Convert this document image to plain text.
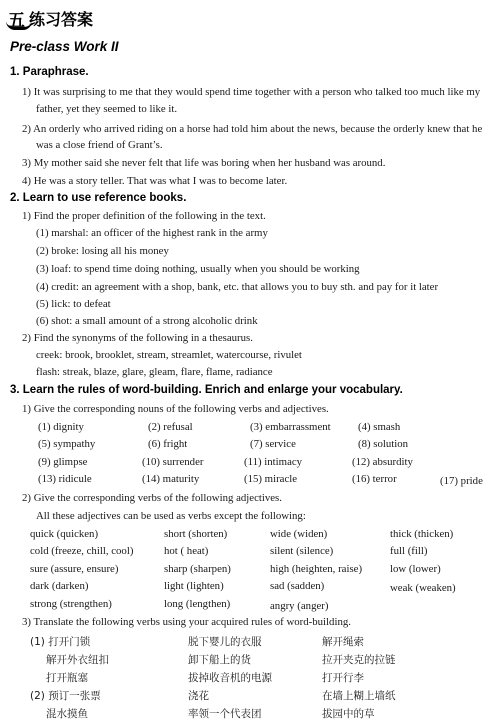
五 练习答案
Pre-class Work II
1. Paraphrase.
1) It was surprising to me that they would spend time together with a person who talked too much like my
father, yet they seemed to like it.
2) An orderly who arrived riding on a horse had told him about the news, because the orderly knew that he
was a close friend of Grant’s.
3) My mother said she never felt that life was boring when her husband was around.
4) He was a story teller. That was what I was to become later.
2. Learn to use reference books.
1) Find the proper definition of the following in the text.
(1) marshal: an officer of the highest rank in the army
(2) broke: losing all his money
(3) loaf: to spend time doing nothing, usually when you should be working
(4) credit: an agreement with a shop, bank, etc. that allows you to buy sth. and pay for it later
(5) lick: to defeat
(6) shot: a small amount of a strong alcoholic drink
2) Find the synonyms of the following in a thesaurus.
creek: brook, brooklet, stream, streamlet, watercourse, rivulet
flash: streak, blaze, glare, gleam, flare, flame, radiance
3. Learn the rules of word-building. Enrich and enlarge your vocabulary.
1) Give the corresponding nouns of the following verbs and adjectives.
(1) dignity	(2) refusal	(3) embarrassment	(4) smash
(5) sympathy	(6) fright	(7) service	(8) solution
(9) glimpse	(10) surrender	(11) intimacy	(12) absurdity
(13) ridicule	(14) maturity	(15) miracle	(16) terror	(17) pride
2) Give the corresponding verbs of the following adjectives.
All these adjectives can be used as verbs except the following:
quick (quicken)	short (shorten)	wide (widen)	thick (thicken)
cold (freeze, chill, cool)	hot ( heat)	silent (silence)	full (fill)
sure (assure, ensure)	sharp (sharpen)	high (heighten, raise)	low (lower)
dark (darken)	light (lighten)	sad (sadden)	weak (weaken)
strong (strengthen)	long (lengthen)	angry (anger)
3) Translate the following verbs using your acquired rules of word-building.
(1) 打开门锁	脱下婴儿的衣服	解开绳索
解开外衣纽扣	卸下船上的货	拉开夹克的拉链
打开瓶塞	拔掉收音机的电源	打开行李
(2) 预订一张票	浇花	在墙上糊上墙纸
混水摸鱼	率领一个代表团	拔园中的草
